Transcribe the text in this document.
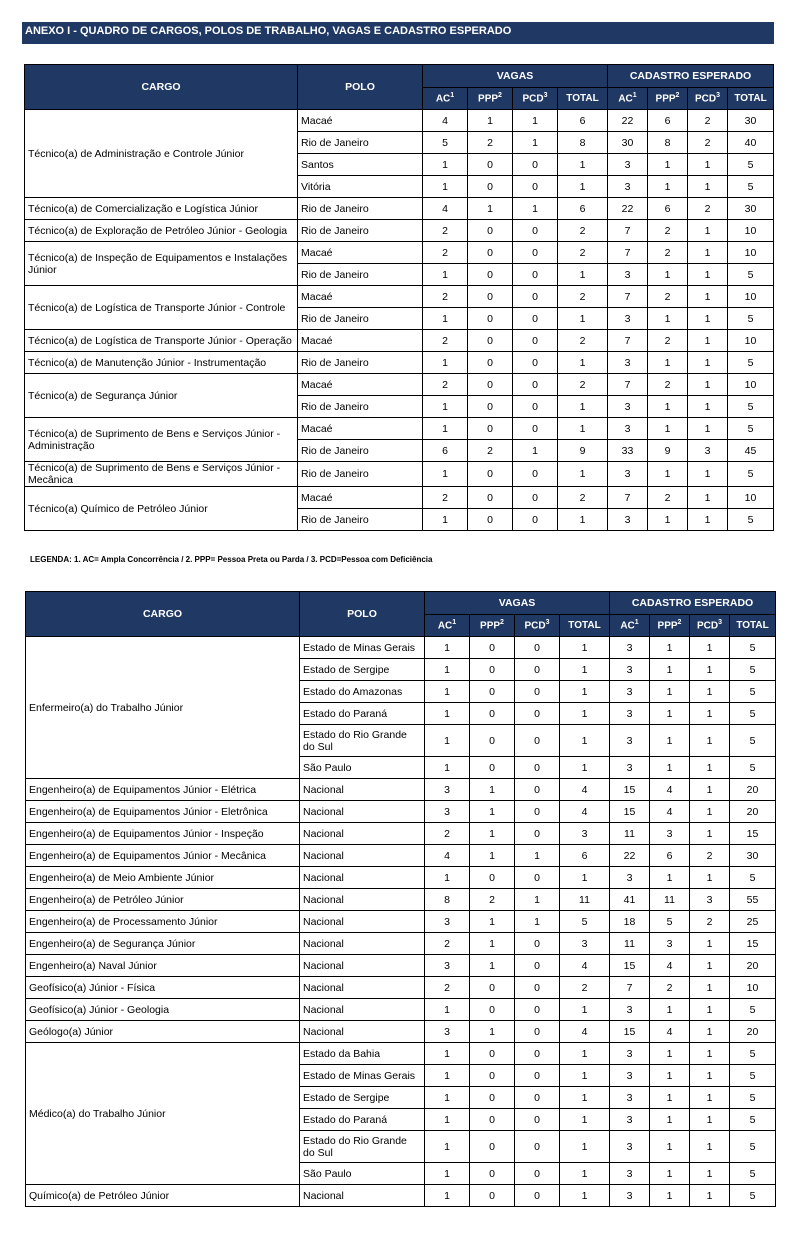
ANEXO I - QUADRO DE CARGOS, POLOS DE TRABALHO, VAGAS E CADASTRO ESPERADO
CARGO	POLO	VAGAS				CADASTRO ESPERADO			
		$AC^1$	PPP$^2$	PCD$^3$	TOTAL	$AC^1$	PPP$^2$	PCD$^3$	TOTAL
Técnico(a) de Administração e Controle Júnior	Macaé	4	1	1	6	22	6	2	30
	Rio de Janeiro	5	2	1	8	30	8	2	40
	Santos	1	0	0	1	3	1	1	5
	Vitória	1	0	0	1	3	1	1	5
Técnico(a) de Comercialização e Logística Júnior	Rio de Janeiro	4	1	1	6	22	6	2	30
Técnico(a) de Exploração de Petróleo Júnior - Geologia	Rio de Janeiro	2	0	0	2	7	2	1	10
Técnico(a) de Inspeção de Equipamentos e Instalações Júnior	Macaé	2	0	0	2	7	2	1	10
	Rio de Janeiro	1	0	0	1	3	1	1	5
Técnico(a) de Logística de Transporte Júnior - Controle	Macaé	2	0	0	2	7	2	1	10
	Rio de Janeiro	1	0	0	1	3	1	1	5
Técnico(a) de Logística de Transporte Júnior - Operação	Macaé	2	0	0	2	7	2	1	10
Técnico(a) de Manutenção Júnior - Instrumentação	Rio de Janeiro	1	0	0	1	3	1	1	5
Técnico(a) de Segurança Júnior	Macaé	2	0	0	2	7	2	1	10
	Rio de Janeiro	1	0	0	1	3	1	1	5
Técnico(a) de Suprimento de Bens e Serviços Júnior - Administração	Macaé	1	0	0	1	3	1	1	5
	Rio de Janeiro	6	2	1	9	33	9	3	45
Técnico(a) de Suprimento de Bens e Serviços Júnior - Mecânica	Rio de Janeiro	1	0	0	1	3	1	1	5
Técnico(a) Químico de Petróleo Júnior	Macaé	2	0	0	2	7	2	1	10
	Rio de Janeiro	1	0	0	1	3	1	1	5
LEGENDA: 1. AC= Ampla Concorrência / 2. PPP= Pessoa Preta ou Parda / 3. PCD=Pessoa com Deficiência
CARGO	POLO	VAGAS				CADASTRO ESPERADO			
		$AC^1$	PPP$^2$	PCD$^3$	TOTAL	$AC^1$	PPP$^2$	PCD$^3$	TOTAL
Enfermeiro(a) do Trabalho Júnior	Estado de Minas Gerais	1	0	0	1	3	1	1	5
	Estado de Sergipe	1	0	0	1	3	1	1	5
	Estado do Amazonas	1	0	0	1	3	1	1	5
	Estado do Paraná	1	0	0	1	3	1	1	5
	Estado do Rio Grande do Sul	1	0	0	1	3	1	1	5
	São Paulo	1	0	0	1	3	1	1	5
Engenheiro(a) de Equipamentos Júnior - Elétrica	Nacional	3	1	0	4	15	4	1	20
Engenheiro(a) de Equipamentos Júnior - Eletrônica	Nacional	3	1	0	4	15	4	1	20
Engenheiro(a) de Equipamentos Júnior - Inspeção	Nacional	2	1	0	3	11	3	1	15
Engenheiro(a) de Equipamentos Júnior - Mecânica	Nacional	4	1	1	6	22	6	2	30
Engenheiro(a) de Meio Ambiente Júnior	Nacional	1	0	0	1	3	1	1	5
Engenheiro(a) de Petróleo Júnior	Nacional	8	2	1	11	41	11	3	55
Engenheiro(a) de Processamento Júnior	Nacional	3	1	1	5	18	5	2	25
Engenheiro(a) de Segurança Júnior	Nacional	2	1	0	3	11	3	1	15
Engenheiro(a) Naval Júnior	Nacional	3	1	0	4	15	4	1	20
Geofísico(a) Júnior - Física	Nacional	2	0	0	2	7	2	1	10
Geofísico(a) Júnior - Geologia	Nacional	1	0	0	1	3	1	1	5
Geólogo(a) Júnior	Nacional	3	1	0	4	15	4	1	20
Médico(a) do Trabalho Júnior	Estado da Bahia	1	0	0	1	3	1	1	5
	Estado de Minas Gerais	1	0	0	1	3	1	1	5
	Estado de Sergipe	1	0	0	1	3	1	1	5
	Estado do Paraná	1	0	0	1	3	1	1	5
	Estado do Rio Grande do Sul	1	0	0	1	3	1	1	5
	São Paulo	1	0	0	1	3	1	1	5
Químico(a) de Petróleo Júnior	Nacional	1	0	0	1	3	1	1	5
